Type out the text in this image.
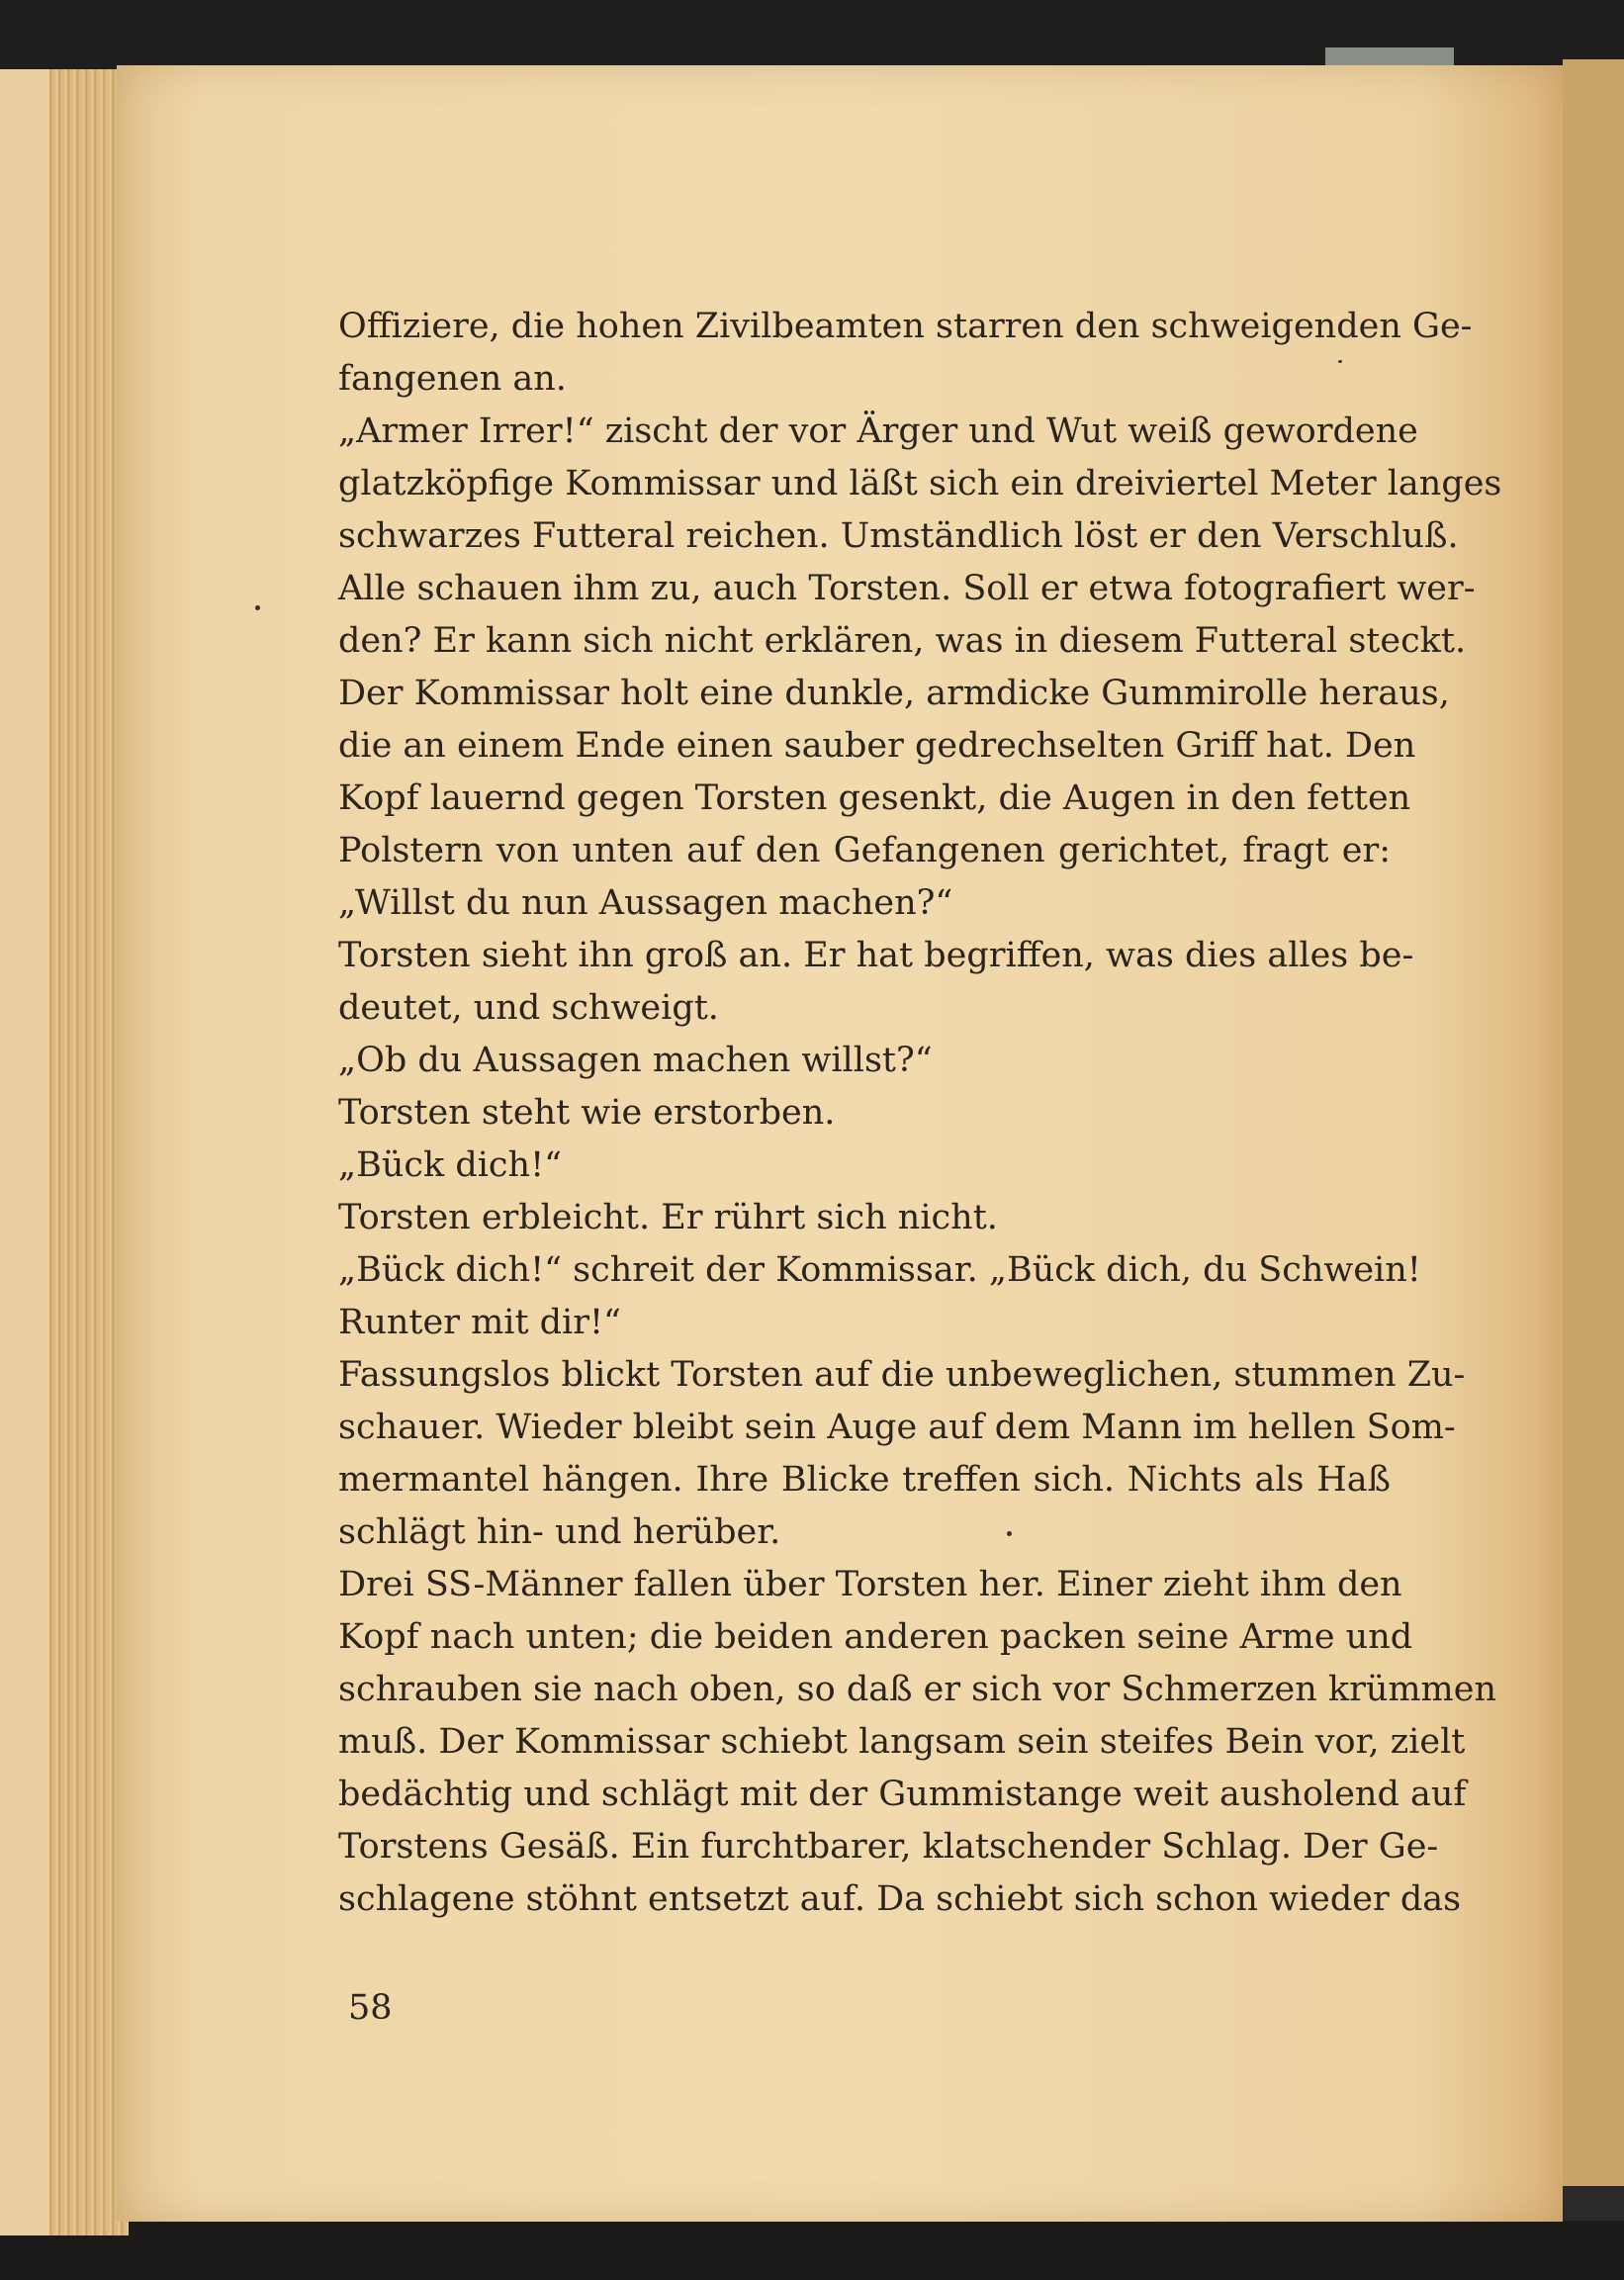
Offiziere, die hohen Zivilbeamten starren den schweigenden Ge-
fangenen an.
„Armer Irrer!“ zischt der vor Ärger und Wut weiß gewordene
glatzköpfige Kommissar und läßt sich ein dreiviertel Meter langes
schwarzes Futteral reichen. Umständlich löst er den Verschluß.
Alle schauen ihm zu, auch Torsten. Soll er etwa fotografiert wer-
den? Er kann sich nicht erklären, was in diesem Futteral steckt.
Der Kommissar holt eine dunkle, armdicke Gummirolle heraus,
die an einem Ende einen sauber gedrechselten Griff hat. Den
Kopf lauernd gegen Torsten gesenkt, die Augen in den fetten
Polstern von unten auf den Gefangenen gerichtet, fragt er:
„Willst du nun Aussagen machen?“
Torsten sieht ihn groß an. Er hat begriffen, was dies alles be-
deutet, und schweigt.
„Ob du Aussagen machen willst?“
Torsten steht wie erstorben.
„Bück dich!“
Torsten erbleicht. Er rührt sich nicht.
„Bück dich!“ schreit der Kommissar. „Bück dich, du Schwein!
Runter mit dir!“
Fassungslos blickt Torsten auf die unbeweglichen, stummen Zu-
schauer. Wieder bleibt sein Auge auf dem Mann im hellen Som-
mermantel hängen. Ihre Blicke treffen sich. Nichts als Haß
schlägt hin- und herüber.
Drei SS-Männer fallen über Torsten her. Einer zieht ihm den
Kopf nach unten; die beiden anderen packen seine Arme und
schrauben sie nach oben, so daß er sich vor Schmerzen krümmen
muß. Der Kommissar schiebt langsam sein steifes Bein vor, zielt
bedächtig und schlägt mit der Gummistange weit ausholend auf
Torstens Gesäß. Ein furchtbarer, klatschender Schlag. Der Ge-
schlagene stöhnt entsetzt auf. Da schiebt sich schon wieder das
58
